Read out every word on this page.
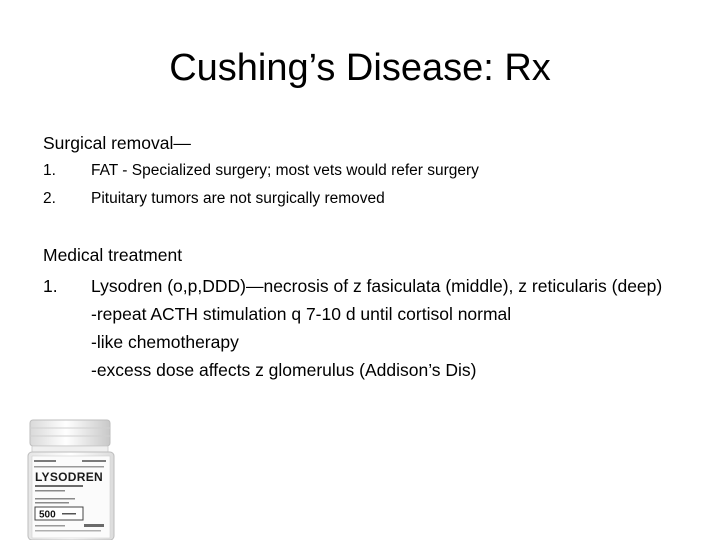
Cushing’s Disease: Rx

Surgical removal—

1.	FAT - Specialized surgery; most vets would refer surgery
2.	Pituitary tumors are not surgically removed

Medical treatment

1.	Lysodren (o,p,DDD)—necrosis of z fasiculata (middle), z reticularis (deep)
-repeat ACTH stimulation q 7-10 d until cortisol normal
-like chemotherapy
-excess dose affects z glomerulus (Addison’s Dis)
LYSODREN
500
